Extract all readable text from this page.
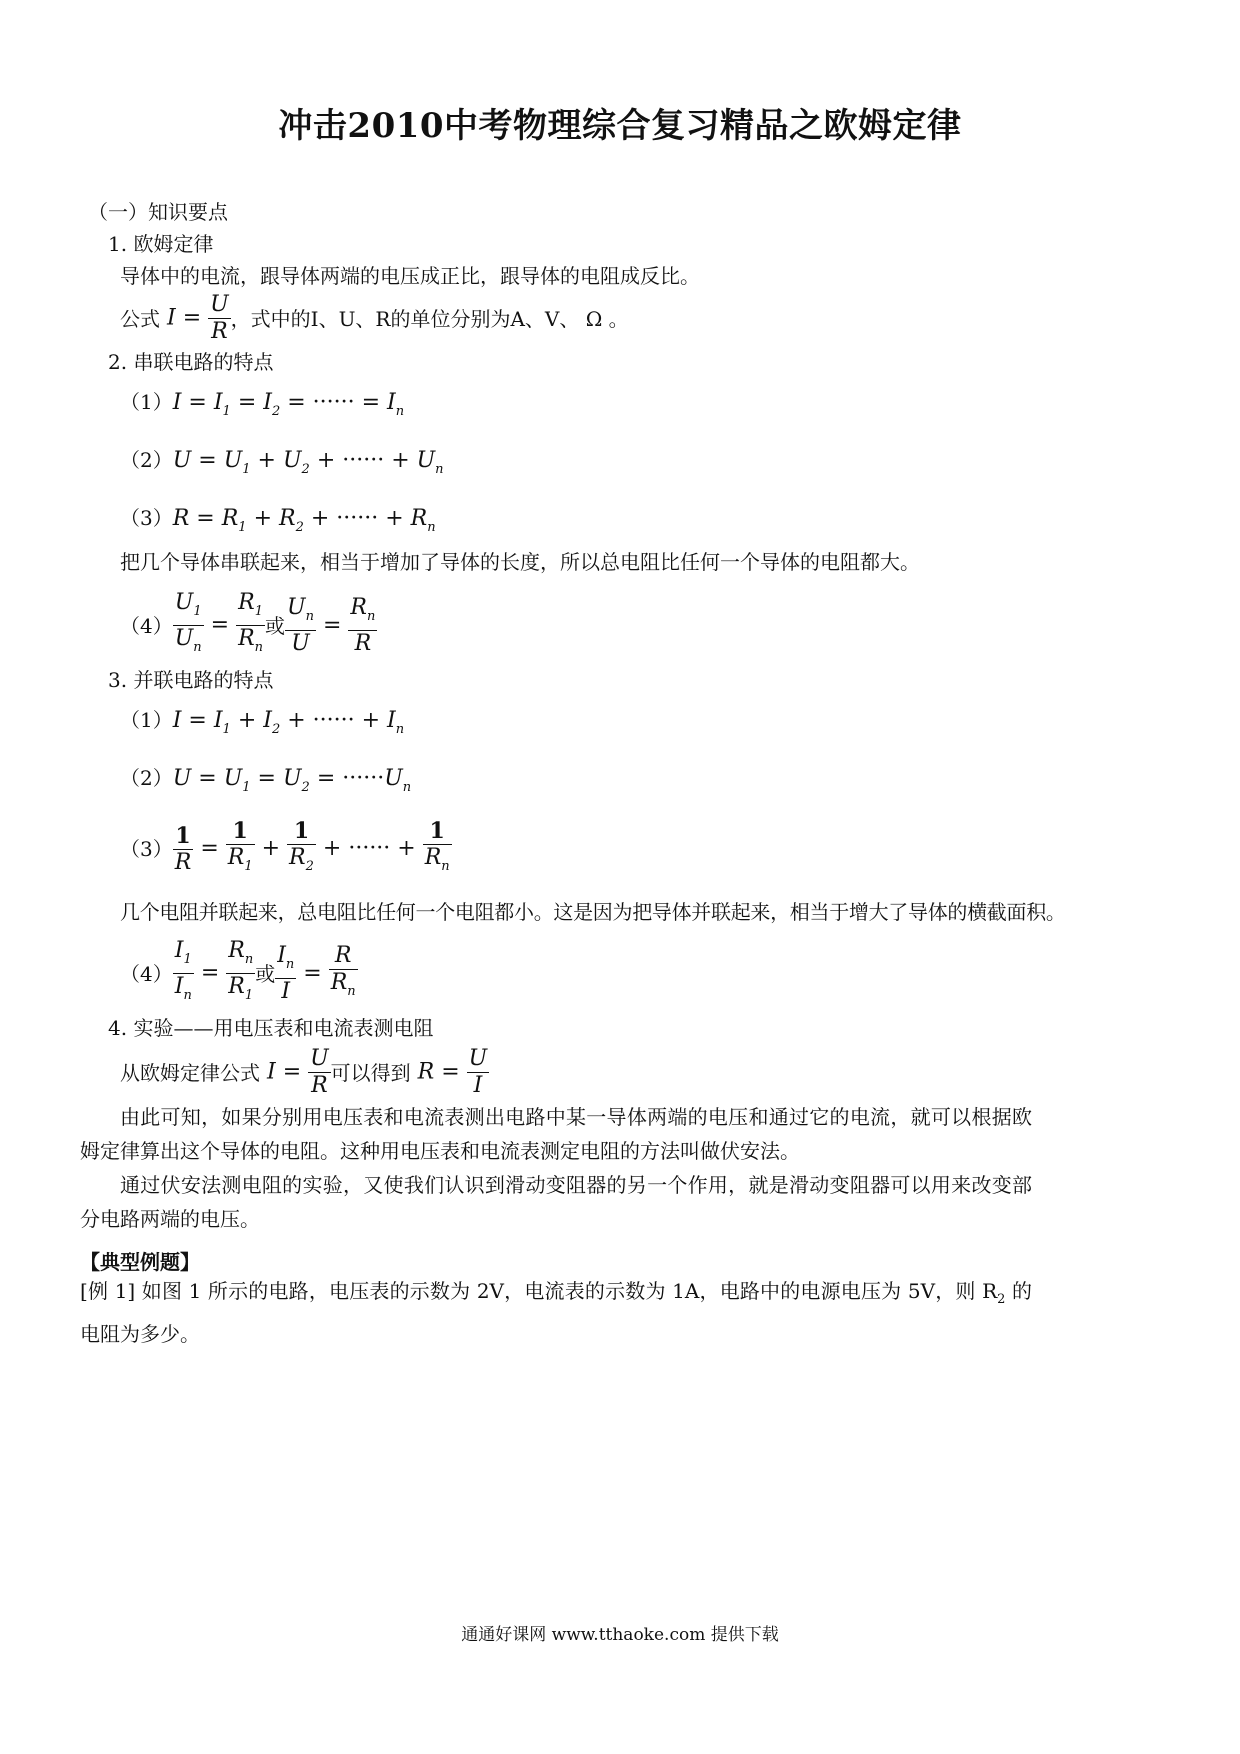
冲击2010中考物理综合复习精品之欧姆定律
（一）知识要点
1. 欧姆定律
导体中的电流，跟导体两端的电压成正比，跟导体的电阻成反比。
公式 $I = \frac{U}{R}$ ，式中的I、U、R的单位分别为A、V、 Ω 。
2. 串联电路的特点
$(1)I = I_1 = I_2$ = ······ = $I_n$
$(2)U = U_1 + U_2$ + ······ + $U_n$
$(3)R = R_1 + R_2$ + ······ + $R_n$
把几个导体串联起来，相当于增加了导体的长度，所以总电阻比任何一个导体的电阻都大。
$(4) \frac{U_1}{U_n} = \frac{R_1}{R_n}$ 或 $\frac{U_n}{U} = \frac{R_n}{R}$
3. 并联电路的特点
$(1)I = I_1 + I_2$ + ······ + $I_n$
$(2)U = U_1 = U_2 = \cdot\cdot\cdot\cdot\cdot\cdot U_n$
$(3) \frac{1}{R} = \frac{1}{R_1} + \frac{1}{R_2}$ + ······ + $\frac{1}{R_n}$
几个电阻并联起来，总电阻比任何一个电阻都小。这是因为把导体并联起来，相当于增大了导体的横截面积。
$(4) \frac{I_1}{I_n} = \frac{R_n}{R_1}$ 或 $\frac{I_n}{I} = \frac{R}{R_n}$
4. 实验——用电压表和电流表测电阻
从欧姆定律公式 $I = \frac{U}{R}$ 可以得到 $R = \frac{U}{I}$
由此可知，如果分别用电压表和电流表测出电路中某一导体两端的电压和通过它的电流，就可以根据欧姆定律算出这个导体的电阻。这种用电压表和电流表测定电阻的方法叫做伏安法。
通过伏安法测电阻的实验，又使我们认识到滑动变阻器的另一个作用，就是滑动变阻器可以用来改变部分电路两端的电压。
【典型例题】
[例 1] 如图 1 所示的电路，电压表的示数为 2V，电流表的示数为 1A，电路中的电源电压为 5V，则 $R_2$ 的电阻为多少。
通通好课网 www.tthaoke.com 提供下载
